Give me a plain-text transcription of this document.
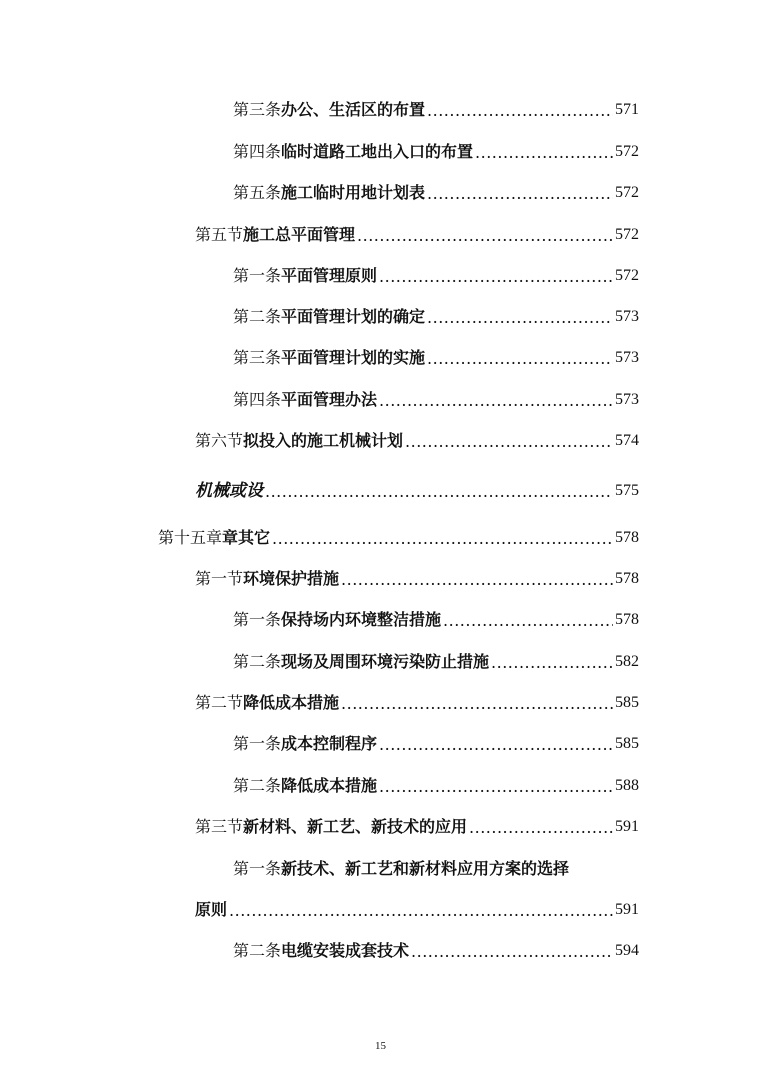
第三条办公、生活区的布置 .....	571
第四条临时道路工地出入口的布置 .....	572
第五条施工临时用地计划表 .....	572
第五节施工总平面管理 .....	572
第一条平面管理原则 .....	572
第二条平面管理计划的确定 .....	573
第三条平面管理计划的实施 .....	573
第四条平面管理办法 .....	573
第六节拟投入的施工机械计划 .....	574
机械或设 .....	575
第十五章章其它 .....	578
第一节环境保护措施 .....	578
第一条保持场内环境整洁措施 .....	578
第二条现场及周围环境污染防止措施 .....	582
第二节降低成本措施 .....	585
第一条成本控制程序 .....	585
第二条降低成本措施 .....	588
第三节新材料、新工艺、新技术的应用 .....	591
第一条新技术、新工艺和新材料应用方案的选择
原则 .....	591
第二条电缆安装成套技术 .....	594
15
